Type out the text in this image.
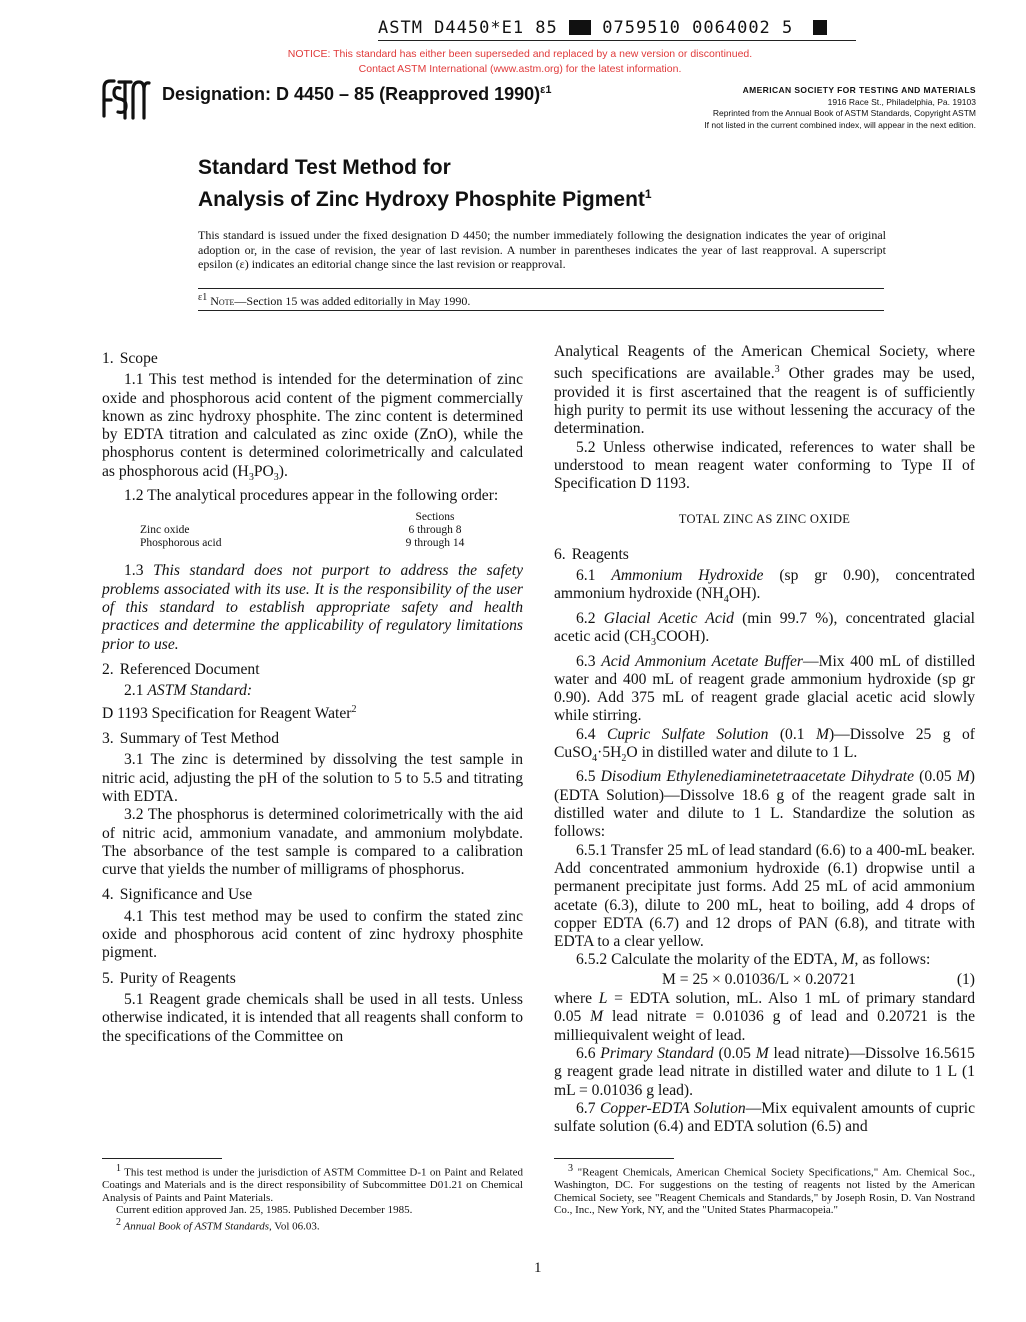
ASTM D4450*E1 85	0759510 0064002 5
NOTICE: This standard has either been superseded and replaced by a new version or discontinued.
Contact ASTM International (www.astm.org) for the latest information.
Designation: D 4450 – 85 (Reapproved 1990)$^{\varepsilon 1}$	AMERICAN SOCIETY FOR TESTING AND MATERIALS
1916 Race St., Philadelphia, Pa. 19103
Reprinted from the Annual Book of ASTM Standards, Copyright ASTM
If not listed in the current combined index, will appear in the next edition.
Standard Test Method for
Analysis of Zinc Hydroxy Phosphite Pigment$^1$
This standard is issued under the fixed designation D 4450; the number immediately following the designation indicates the year of original adoption or, in the case of revision, the year of last revision. A number in parentheses indicates the year of last reapproval. A superscript epsilon (ε) indicates an editorial change since the last revision or reapproval.
$^{\varepsilon 1}$ Note—Section 15 was added editorially in May 1990.

1. Scope

1.1 This test method is intended for the determination of zinc oxide and phosphorous acid content of the pigment commercially known as zinc hydroxy phosphite. The zinc content is determined by EDTA titration and calculated as zinc oxide (ZnO), while the phosphorus content is determined colorimetrically and calculated as phosphorous acid $(H_3PO_3)$.

1.2 The analytical procedures appear in the following order:

Sections
Zinc oxide	6 through 8
Phosphorous acid	9 through 14

1.3 This standard does not purport to address the safety problems associated with its use. It is the responsibility of the user of this standard to establish appropriate safety and health practices and determine the applicability of regulatory limitations prior to use.

2. Referenced Document

2.1 ASTM Standard:

D 1193 Specification for Reagent Water$^2$

3. Summary of Test Method

3.1 The zinc is determined by dissolving the test sample in nitric acid, adjusting the pH of the solution to 5 to 5.5 and titrating with EDTA.

3.2 The phosphorus is determined colorimetrically with the aid of nitric acid, ammonium vanadate, and ammonium molybdate. The absorbance of the test sample is compared to a calibration curve that yields the number of milligrams of phosphorus.

4. Significance and Use

4.1 This test method may be used to confirm the stated zinc oxide and phosphorous acid content of zinc hydroxy phosphite pigment.

5. Purity of Reagents

5.1 Reagent grade chemicals shall be used in all tests. Unless otherwise indicated, it is intended that all reagents shall conform to the specifications of the Committee on

Analytical Reagents of the American Chemical Society, where such specifications are available.$^3$ Other grades may be used, provided it is first ascertained that the reagent is of sufficiently high purity to permit its use without lessening the accuracy of the determination.

5.2 Unless otherwise indicated, references to water shall be understood to mean reagent water conforming to Type II of Specification D 1193.

TOTAL ZINC AS ZINC OXIDE

6. Reagents

6.1 Ammonium Hydroxide (sp gr 0.90), concentrated ammonium hydroxide $(NH_4OH)$.

6.2 Glacial Acetic Acid (min 99.7 %), concentrated glacial acetic acid $(CH_3COOH)$.

6.3 Acid Ammonium Acetate Buffer—Mix 400 mL of distilled water and 400 mL of reagent grade ammonium hydroxide (sp gr 0.90). Add 375 mL of reagent grade glacial acetic acid slowly while stirring.

6.4 Cupric Sulfate Solution (0.1 M)—Dissolve 25 g of $CuSO_4\cdot 5H_2O$ in distilled water and dilute to 1 L.

6.5 Disodium Ethylenediaminetetraacetate Dihydrate (0.05 M) (EDTA Solution)—Dissolve 18.6 g of the reagent grade salt in distilled water and dilute to 1 L. Standardize the solution as follows:

6.5.1 Transfer 25 mL of lead standard (6.6) to a 400-mL beaker. Add concentrated ammonium hydroxide (6.1) dropwise until a permanent precipitate just forms. Add 25 mL of acid ammonium acetate (6.3), dilute to 200 mL, heat to boiling, add 4 drops of copper EDTA (6.7) and 12 drops of PAN (6.8), and titrate with EDTA to a clear yellow.

6.5.2 Calculate the molarity of the EDTA, M, as follows:

M = 25 × 0.01036/L × 0.20721	(1)

where L = EDTA solution, mL. Also 1 mL of primary standard 0.05 M lead nitrate = 0.01036 g of lead and 0.20721 is the milliequivalent weight of lead.

6.6 Primary Standard (0.05 M lead nitrate)—Dissolve 16.5615 g reagent grade lead nitrate in distilled water and dilute to 1 L (1 mL = 0.01036 g lead).

6.7 Copper-EDTA Solution—Mix equivalent amounts of cupric sulfate solution (6.4) and EDTA solution (6.5) and

$^1$ This test method is under the jurisdiction of ASTM Committee D-1 on Paint and Related Coatings and Materials and is the direct responsibility of Subcommittee D01.21 on Chemical Analysis of Paints and Paint Materials.

Current edition approved Jan. 25, 1985. Published December 1985.

$^2$ Annual Book of ASTM Standards, Vol 06.03.

$^3$ "Reagent Chemicals, American Chemical Society Specifications," Am. Chemical Soc., Washington, DC. For suggestions on the testing of reagents not listed by the American Chemical Society, see "Reagent Chemicals and Standards," by Joseph Rosin, D. Van Nostrand Co., Inc., New York, NY, and the "United States Pharmacopeia."

1
